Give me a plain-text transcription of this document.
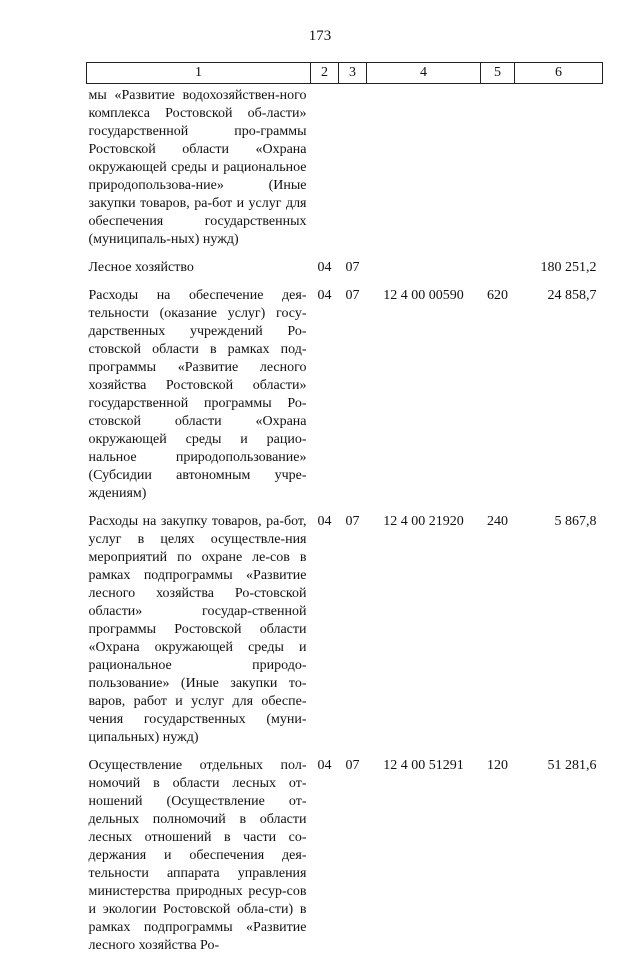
173
1	2	3	4	5	6
мы «Развитие водохозяйствен-ного комплекса Ростовской об-ласти» государственной про-граммы Ростовской области «Охрана окружающей среды и рациональное природопользова-ние» (Иные закупки товаров, ра-бот и услуг для обеспечения государственных (муниципаль-ных) нужд)					
Лесное хозяйство	04	07			180 251,2
Расходы на обеспечение дея-тельности (оказание услуг) госу-дарственных учреждений Ро-стовской области в рамках под-программы «Развитие лесного хозяйства Ростовской области» государственной программы Ро-стовской области «Охрана окружающей среды и рацио-нальное природопользование» (Субсидии автономным учре-ждениям)	04	07	12 4 00 00590	620	24 858,7
Расходы на закупку товаров, ра-бот, услуг в целях осуществле-ния мероприятий по охране ле-сов в рамках подпрограммы «Развитие лесного хозяйства Ро-стовской области» государ-ственной программы Ростовской области «Охрана окружающей среды и рациональное природо-пользование» (Иные закупки то-варов, работ и услуг для обеспе-чения государственных (муни-ципальных) нужд)	04	07	12 4 00 21920	240	5 867,8
Осуществление отдельных пол-номочий в области лесных от-ношений (Осуществление от-дельных полномочий в области лесных отношений в части со-держания и обеспечения дея-тельности аппарата управления министерства природных ресур-сов и экологии Ростовской обла-сти) в рамках подпрограммы «Развитие лесного хозяйства Ро-	04	07	12 4 00 51291	120	51 281,6
